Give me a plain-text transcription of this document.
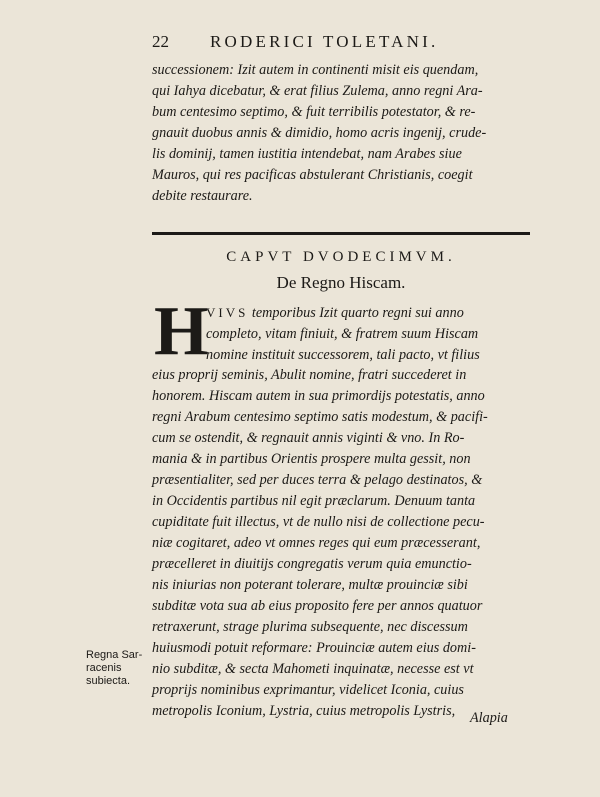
22 RODERICI TOLETANI.
successionem: Izit autem in continenti misit eis quendam,
qui Iahya dicebatur, & erat filius Zulema, anno regni Ara-
bum centesimo septimo, & fuit terribilis potestator, & re-
gnauit duobus annis & dimidio, homo acris ingenij, crude-
lis dominij, tamen iustitia intendebat, nam Arabes siue
Mauros, qui res pacificas abstulerant Christianis, coegit
debite restaurare.
CAPVT DVODECIMVM.
De Regno Hiscam.
H
VIVS temporibus Izit quarto regni sui anno
completo, vitam finiuit, & fratrem suum Hiscam
nomine instituit successorem, tali pacto, vt filius
eius proprij seminis, Abulit nomine, fratri succederet in
honorem. Hiscam autem in sua primordijs potestatis, anno
regni Arabum centesimo septimo satis modestum, & pacifi-
cum se ostendit, & regnauit annis viginti & vno. In Ro-
mania & in partibus Orientis prospere multa gessit, non
præsentialiter, sed per duces terra & pelago destinatos, &
in Occidentis partibus nil egit præclarum. Denuum tanta
cupiditate fuit illectus, vt de nullo nisi de collectione pecu-
niæ cogitaret, adeo vt omnes reges qui eum præcesserant,
præcelleret in diuitijs congregatis verum quia emunctio-
nis iniurias non poterant tolerare, multæ prouinciæ sibi
subditæ vota sua ab eius proposito fere per annos quatuor
retraxerunt, strage plurima subsequente, nec discessum
huiusmodi potuit reformare: Prouinciæ autem eius domi-
nio subditæ, & secta Mahometi inquinatæ, necesse est vt
proprijs nominibus exprimantur, videlicet Iconia, cuius
metropolis Iconium, Lystria, cuius metropolis Lystris,
Regna Sar-
racenis
subiecta.
Alapia
